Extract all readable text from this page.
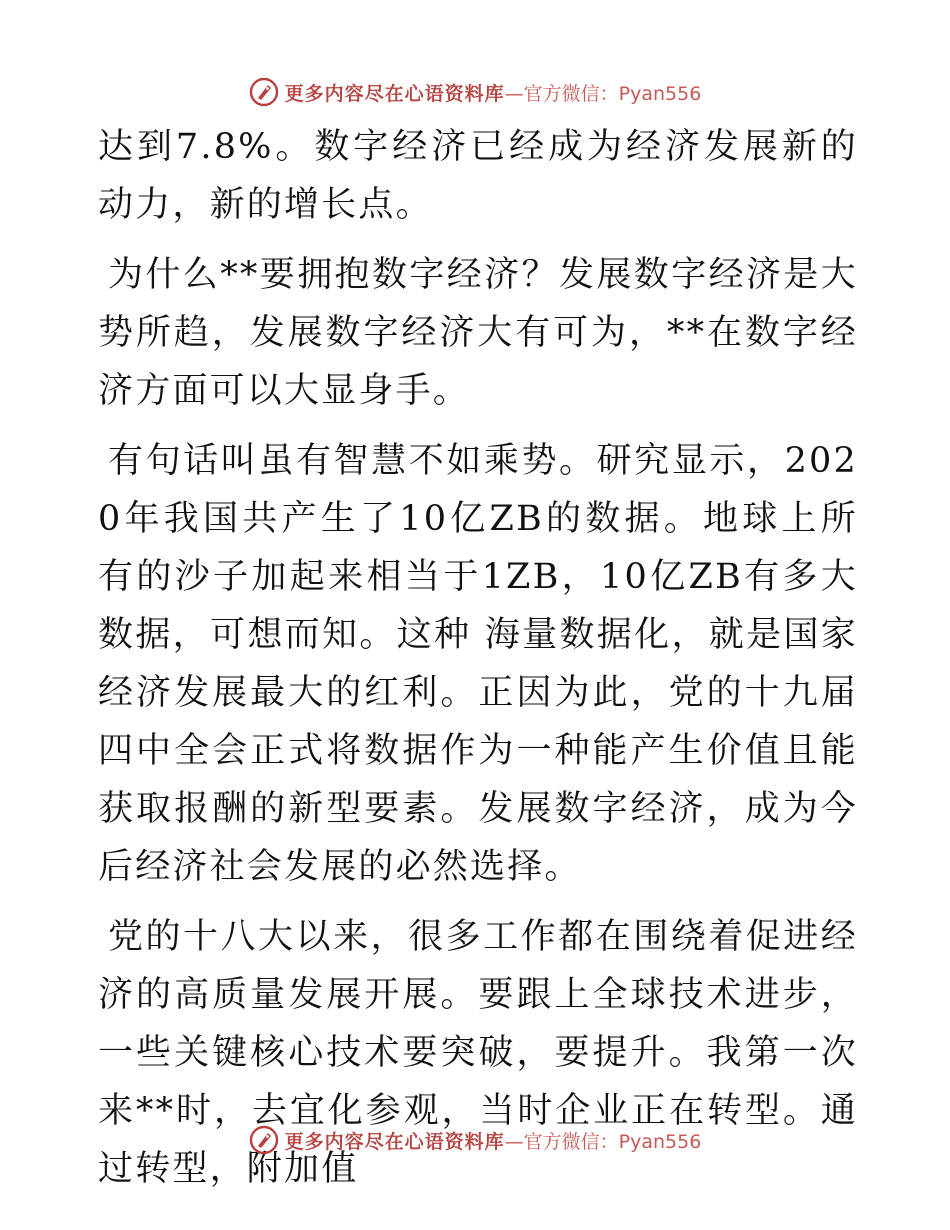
更多内容尽在心语资料库 —官方微信：Pyan556

达到7.8%。数字经济已经成为经济发展新的动力，新的增长点。

为什么**要拥抱数字经济？发展数字经济是大势所趋，发展数字经济大有可为，**在数字经济方面可以大显身手。

有句话叫虽有智慧不如乘势。研究显示，2020年我国共产生了10亿ZB的数据。地球上所有的沙子加起来相当于1ZB，10亿ZB有多大数据，可想而知。这种 海量数据化，就是国家经济发展最大的红利。正因为此，党的十九届四中全会正式将数据作为一种能产生价值且能获取报酬的新型要素。发展数字经济，成为今后经济社会发展的必然选择。

党的十八大以来，很多工作都在围绕着促进经济的高质量发展开展。要跟上全球技术进步，一些关键核心技术要突破，要提升。我第一次来**时，去宜化参观，当时企业正在转型。通过转型，附加值

更多内容尽在心语资料库 —官方微信：Pyan556
